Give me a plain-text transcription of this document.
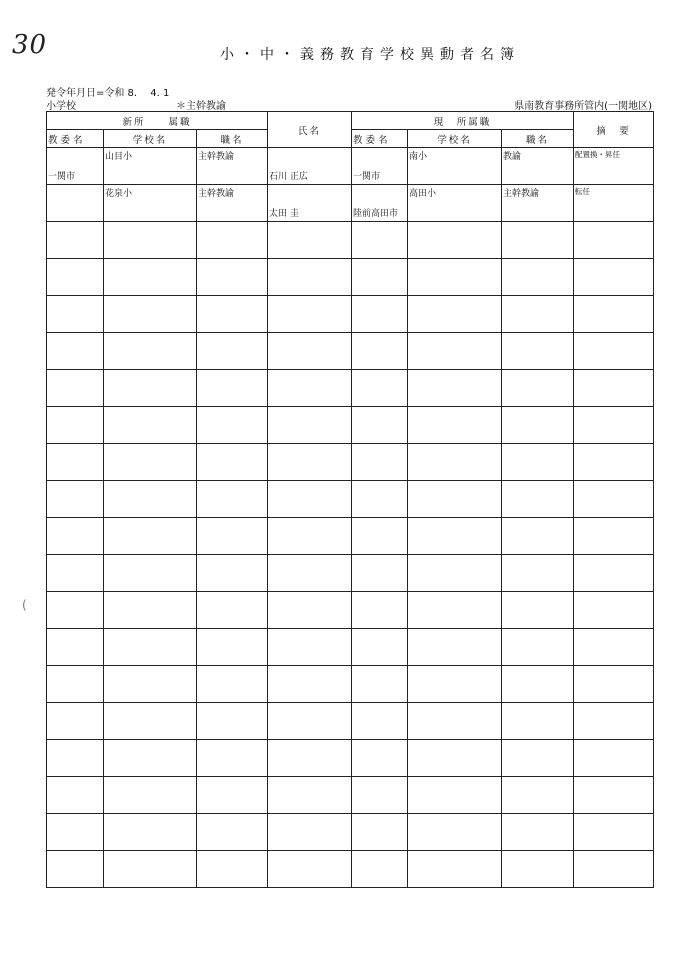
30	小・中・義務教育学校異動者名簿
発令年月日=令和 8.　 4. 1
小学校	＊主幹教諭	県南教育事務所管内(一関地区)
新所　　属職			氏名	現　所属職			摘　要
教委名	学校名	職名		教委名	学校名	職名	

一関市	山目小	主幹教諭	石川 正広	一関市	南小	教諭	配置換・昇任

	花泉小	主幹教諭	太田 圭	陸前高田市	高田小	主幹教諭	転任

(
